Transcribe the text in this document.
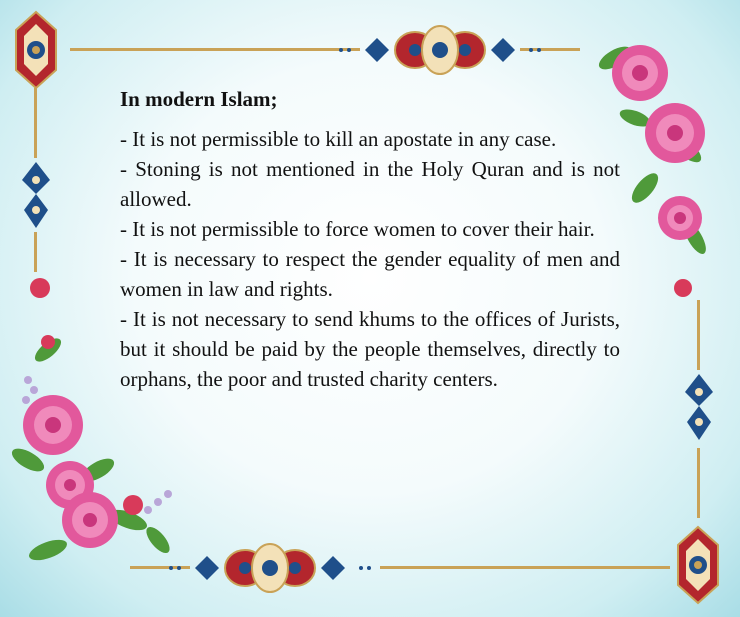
In modern Islam;

- It is not permissible to kill an apostate in any case.

- Stoning is not mentioned in the Holy Quran and is not allowed.

- It is not permissible to force women to cover their hair.

- It is necessary to respect the gender equality of men and women in law and rights.

- It is not necessary to send khums to the offices of Jurists, but it should be paid by the people themselves, directly to orphans, the poor and trusted charity centers.
